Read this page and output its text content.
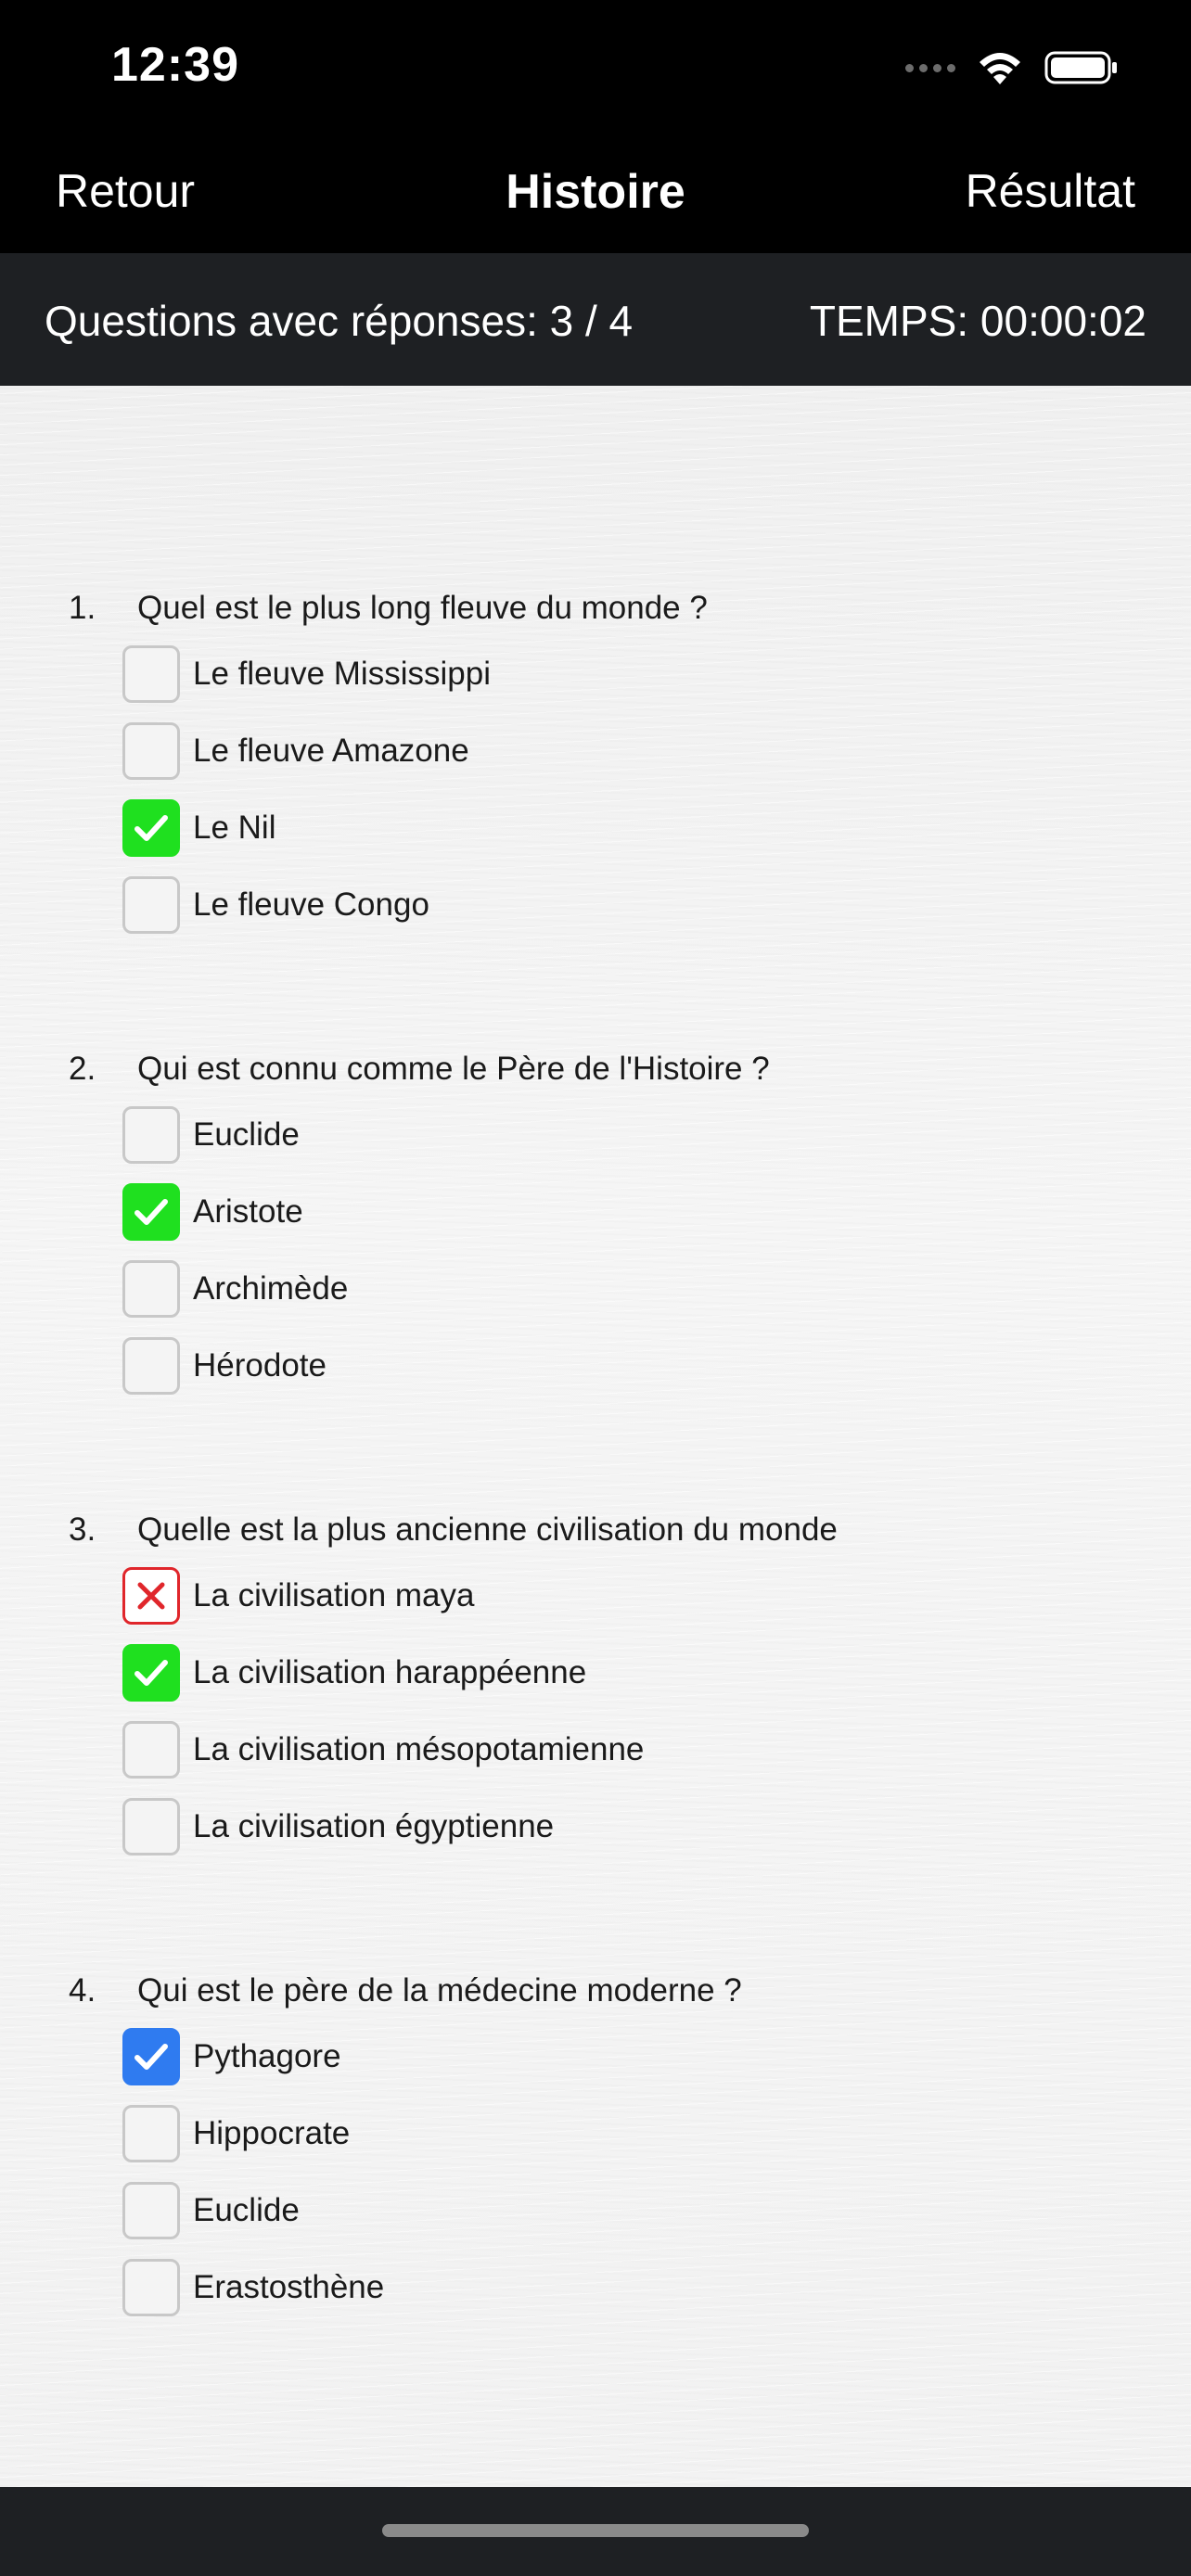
12:39
Retour	Histoire	Résultat
Questions avec réponses: 3 / 4	TEMPS: 00:00:02
1. Quel est le plus long fleuve du monde ?
Le fleuve Mississippi
Le fleuve Amazone
Le Nil
Le fleuve Congo
2. Qui est connu comme le Père de l'Histoire ?
Euclide
Aristote
Archimède
Hérodote
3. Quelle est la plus ancienne civilisation du monde
La civilisation maya
La civilisation harappéenne
La civilisation mésopotamienne
La civilisation égyptienne
4. Qui est le père de la médecine moderne ?
Pythagore
Hippocrate
Euclide
Erastosthène
